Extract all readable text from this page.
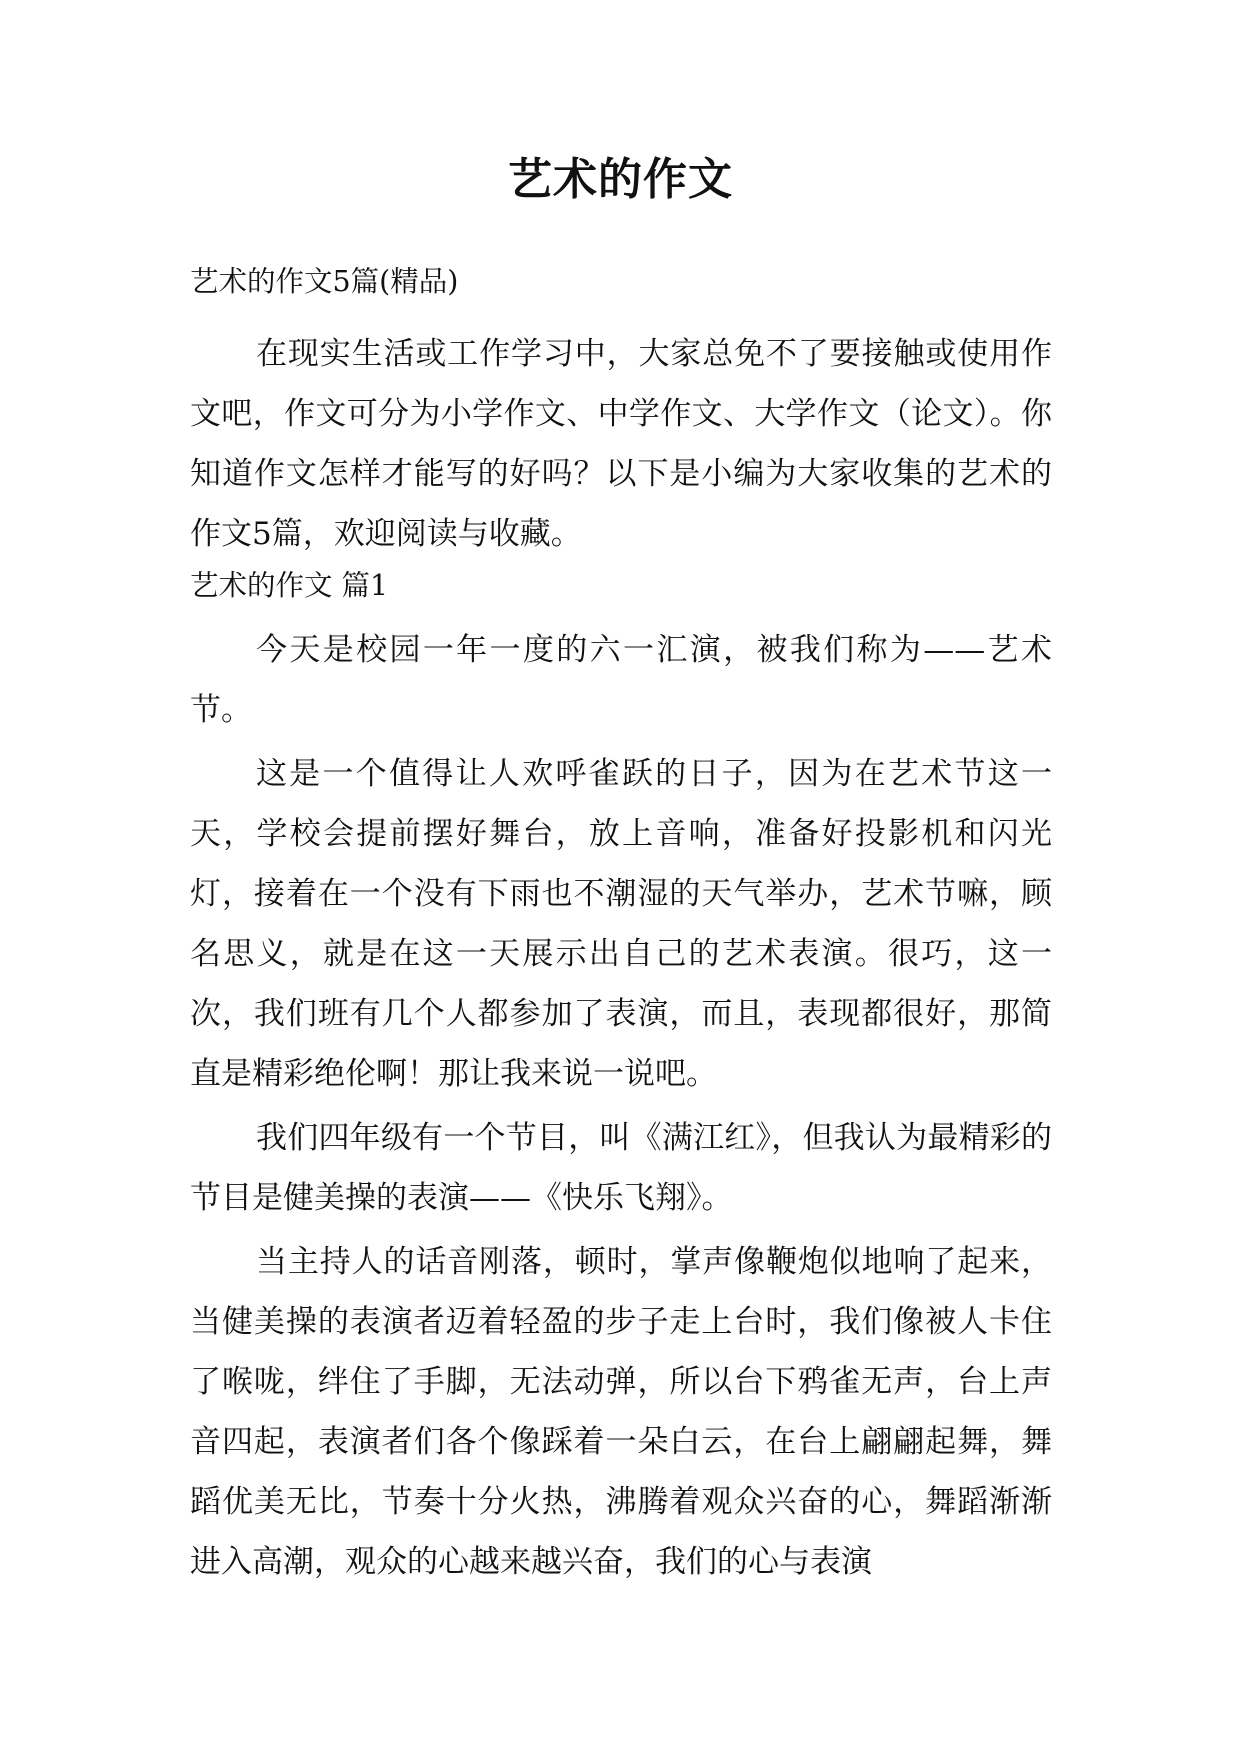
艺术的作文

艺术的作文5篇(精品)

在现实生活或工作学习中，大家总免不了要接触或使用作文吧，作文可分为小学作文、中学作文、大学作文（论文）。你知道作文怎样才能写的好吗？以下是小编为大家收集的艺术的作文5篇，欢迎阅读与收藏。

艺术的作文 篇1

今天是校园一年一度的六一汇演，被我们称为——艺术节。

这是一个值得让人欢呼雀跃的日子，因为在艺术节这一天，学校会提前摆好舞台，放上音响，准备好投影机和闪光灯，接着在一个没有下雨也不潮湿的天气举办，艺术节嘛，顾名思义，就是在这一天展示出自己的艺术表演。很巧，这一次，我们班有几个人都参加了表演，而且，表现都很好，那简直是精彩绝伦啊！那让我来说一说吧。

我们四年级有一个节目，叫《满江红》，但我认为最精彩的节目是健美操的表演——《快乐飞翔》。

当主持人的话音刚落，顿时，掌声像鞭炮似地响了起来，当健美操的表演者迈着轻盈的步子走上台时，我们像被人卡住了喉咙，绊住了手脚，无法动弹，所以台下鸦雀无声，台上声音四起，表演者们各个像踩着一朵白云，在台上翩翩起舞，舞蹈优美无比，节奏十分火热，沸腾着观众兴奋的心，舞蹈渐渐进入高潮，观众的心越来越兴奋，我们的心与表演
